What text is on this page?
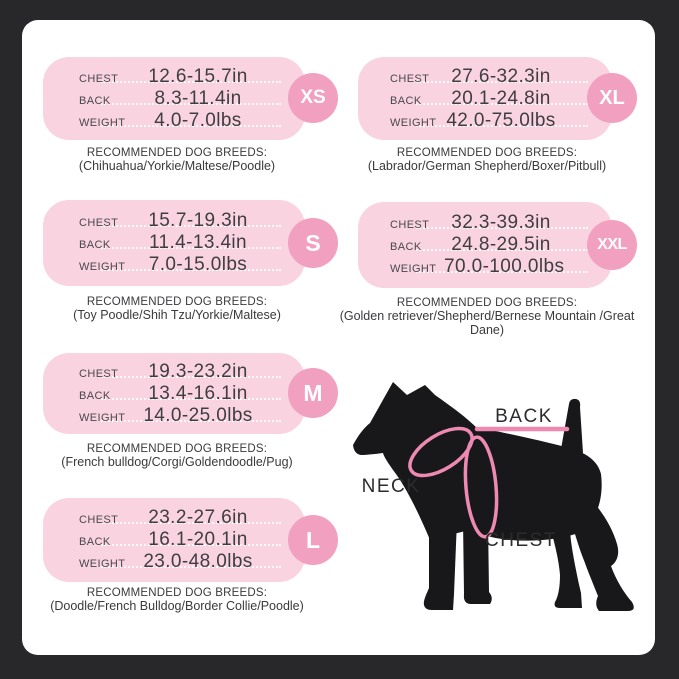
CHEST	12.6-15.7in
BACK	8.3-11.4in
WEIGHT	4.0-7.0lbs
XS
RECOMMENDED DOG BREEDS:
(Chihuahua/Yorkie/Maltese/Poodle)
CHEST	15.7-19.3in
BACK	11.4-13.4in
WEIGHT	7.0-15.0lbs
S
RECOMMENDED DOG BREEDS:
(Toy Poodle/Shih Tzu/Yorkie/Maltese)
CHEST	19.3-23.2in
BACK	13.4-16.1in
WEIGHT 14.0-25.0lbs
M
RECOMMENDED DOG BREEDS:
(French bulldog/Corgi/Goldendoodle/Pug)
CHEST	23.2-27.6in
BACK	16.1-20.1in
WEIGHT 23.0-48.0lbs
L
RECOMMENDED DOG BREEDS:
(Doodle/French Bulldog/Border Collie/Poodle)
CHEST	27.6-32.3in
BACK	20.1-24.8in
WEIGHT 42.0-75.0lbs
XL
RECOMMENDED DOG BREEDS:
(Labrador/German Shepherd/Boxer/Pitbull)
CHEST	32.3-39.3in
BACK	24.8-29.5in
WEIGHT 70.0-100.0lbs
XXL
RECOMMENDED DOG BREEDS:
(Golden retriever/Shepherd/Bernese Mountain /Great Dane)
BACK
NECK
CHEST
